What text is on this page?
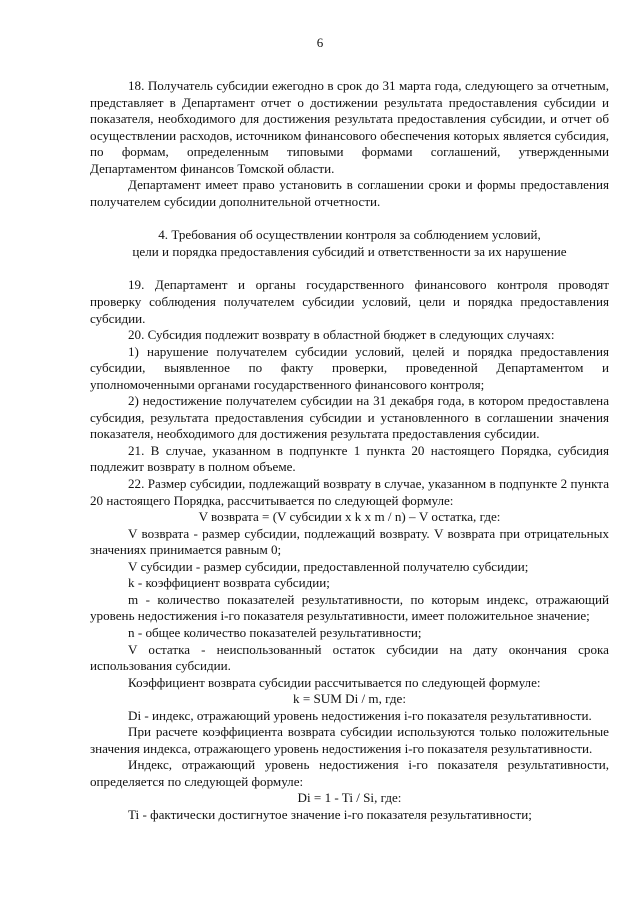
6

18. Получатель субсидии ежегодно в срок до 31 марта года, следующего за отчетным, представляет в Департамент отчет о достижении результата предоставления субсидии и показателя, необходимого для достижения результата предоставления субсидии, и отчет об осуществлении расходов, источником финансового обеспечения которых является субсидия, по формам, определенным типовыми формами соглашений, утвержденными Департаментом финансов Томской области.

Департамент имеет право установить в соглашении сроки и формы предоставления получателем субсидии дополнительной отчетности.

4. Требования об осуществлении контроля за соблюдением условий,

цели и порядка предоставления субсидий и ответственности за их нарушение

19. Департамент и органы государственного финансового контроля проводят проверку соблюдения получателем субсидии условий, цели и порядка предоставления субсидии.

20. Субсидия подлежит возврату в областной бюджет в следующих случаях:

1) нарушение получателем субсидии условий, целей и порядка предоставления субсидии, выявленное по факту проверки, проведенной Департаментом и уполномоченными органами государственного финансового контроля;

2) недостижение получателем субсидии на 31 декабря года, в котором предоставлена субсидия, результата предоставления субсидии и установленного в соглашении значения показателя, необходимого для достижения результата предоставления субсидии.

21. В случае, указанном в подпункте 1 пункта 20 настоящего Порядка, субсидия подлежит возврату в полном объеме.

22. Размер субсидии, подлежащий возврату в случае, указанном в подпункте 2 пункта 20 настоящего Порядка, рассчитывается по следующей формуле:

V возврата = (V субсидии x k x m / n) – V остатка, где:

V возврата - размер субсидии, подлежащий возврату. V возврата при отрицательных значениях принимается равным 0;

V субсидии - размер субсидии, предоставленной получателю субсидии;

k - коэффициент возврата субсидии;

m - количество показателей результативности, по которым индекс, отражающий уровень недостижения i-го показателя результативности, имеет положительное значение;

n - общее количество показателей результативности;

V остатка - неиспользованный остаток субсидии на дату окончания срока использования субсидии.

Коэффициент возврата субсидии рассчитывается по следующей формуле:

k = SUM Di / m, где:

Di - индекс, отражающий уровень недостижения i-го показателя результативности.

При расчете коэффициента возврата субсидии используются только положительные значения индекса, отражающего уровень недостижения i-го показателя результативности.

Индекс, отражающий уровень недостижения i-го показателя результативности, определяется по следующей формуле:

Di = 1 - Ti / Si, где:

Ti - фактически достигнутое значение i-го показателя результативности;
